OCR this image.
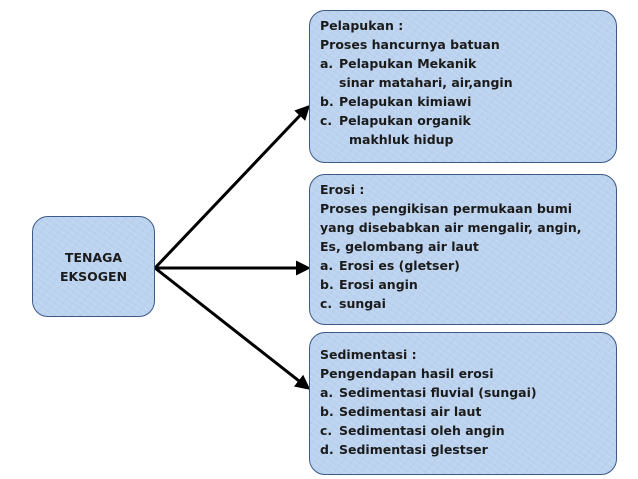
TENAGA
EKSOGEN
Pelapukan :
Proses hancurnya batuan
a. Pelapukan Mekanik
sinar matahari, air,angin
b. Pelapukan kimiawi
c. Pelapukan organik
makhluk hidup
Erosi :
Proses pengikisan permukaan bumi
yang disebabkan air mengalir, angin,
Es, gelombang air laut
a. Erosi es (gletser)
b. Erosi angin
c. sungai
Sedimentasi :
Pengendapan hasil erosi
a. Sedimentasi fluvial (sungai)
b. Sedimentasi air laut
c. Sedimentasi oleh angin
d. Sedimentasi glestser
